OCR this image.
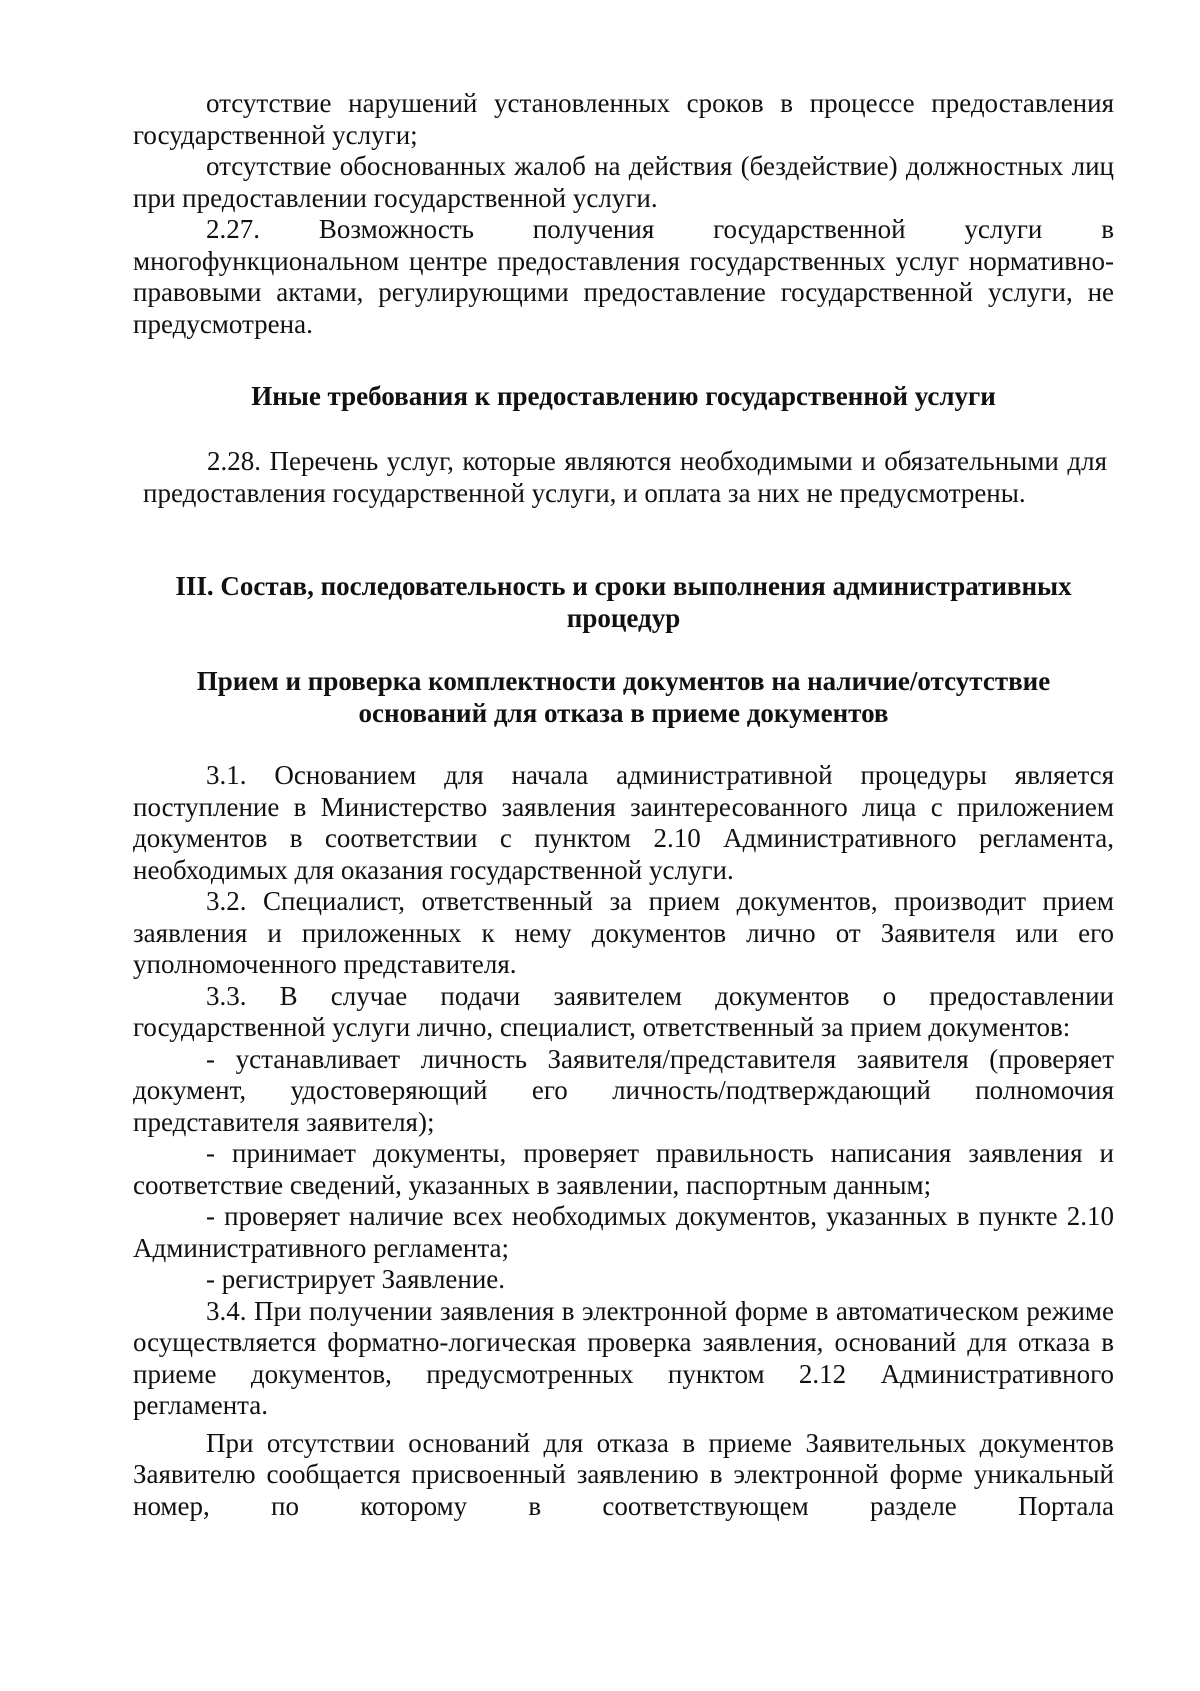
отсутствие нарушений установленных сроков в процессе предоставления государственной услуги;

отсутствие обоснованных жалоб на действия (бездействие) должностных лиц при предоставлении государственной услуги.

2.27. Возможность получения государственной услуги в многофункциональном центре предоставления государственных услуг нормативно-правовыми актами, регулирующими предоставление государственной услуги, не предусмотрена.

Иные требования к предоставлению государственной услуги

2.28. Перечень услуг, которые являются необходимыми и обязательными для предоставления государственной услуги, и оплата за них не предусмотрены.

III. Состав, последовательность и сроки выполнения административных процедур

Прием и проверка комплектности документов на наличие/отсутствие оснований для отказа в приеме документов

3.1. Основанием для начала административной процедуры является поступление в Министерство заявления заинтересованного лица с приложением документов в соответствии с пунктом 2.10 Административного регламента, необходимых для оказания государственной услуги.

3.2. Специалист, ответственный за прием документов, производит прием заявления и приложенных к нему документов лично от Заявителя или его уполномоченного представителя.

3.3. В случае подачи заявителем документов о предоставлении государственной услуги лично, специалист, ответственный за прием документов:

- устанавливает личность Заявителя/представителя заявителя (проверяет документ, удостоверяющий его личность/подтверждающий полномочия представителя заявителя);

- принимает документы, проверяет правильность написания заявления и соответствие сведений, указанных в заявлении, паспортным данным;

- проверяет наличие всех необходимых документов, указанных в пункте 2.10 Административного регламента;

- регистрирует Заявление.

3.4. При получении заявления в электронной форме в автоматическом режиме осуществляется форматно-логическая проверка заявления, оснований для отказа в приеме документов, предусмотренных пунктом 2.12 Административного регламента.

При отсутствии оснований для отказа в приеме Заявительных документов Заявителю сообщается присвоенный заявлению в электронной форме уникальный номер, по которому в соответствующем разделе Портала
